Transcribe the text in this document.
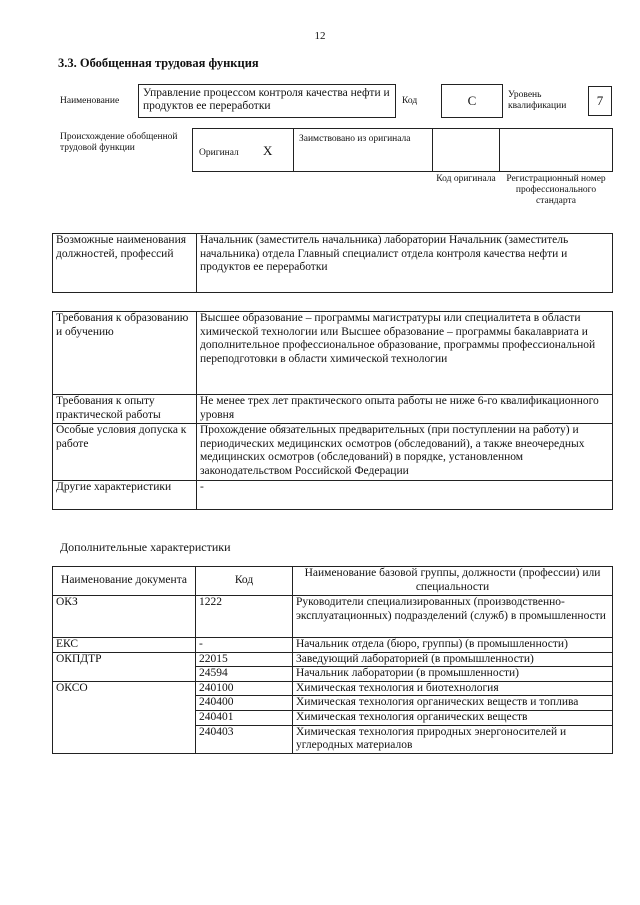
12
3.3. Обобщенная трудовая функция
Наименование
Управление процессом контроля качества нефти и продуктов ее переработки	Код	С	Уровень квалификации	7
Происхождение обобщенной трудовой функции	Оригинал X
Заимствовано из оригинала
Код оригинала	Регистрационный номер профессионального стандарта
Возможные наименования должностей, профессий	Начальник (заместитель начальника) лаборатории Начальник (заместитель начальника) отдела Главный специалист отдела контроля качества нефти и продуктов ее переработки
Требования к образованию и обучению	Высшее образование – программы магистратуры или специалитета в области химической технологии или Высшее образование – программы бакалавриата и дополнительное профессиональное образование, программы профессиональной переподготовки в области химической технологии
Требования к опыту практической работы	Не менее трех лет практического опыта работы не ниже 6-го квалификационного уровня
Особые условия допуска к работе	Прохождение обязательных предварительных (при поступлении на работу) и периодических медицинских осмотров (обследований), а также внеочередных медицинских осмотров (обследований) в порядке, установленном законодательством Российской Федерации
Другие характеристики	-
Дополнительные характеристики
Наименование документа	Код	Наименование базовой группы, должности (профессии) или специальности
ОКЗ	1222	Руководители специализированных (производственно-эксплуатационных) подразделений (служб) в промышленности
ЕКС	-	Начальник отдела (бюро, группы) (в промышленности)
ОКПДТР	22015	Заведующий лабораторией (в промышленности)
	24594	Начальник лаборатории (в промышленности)
ОКСО	240100	Химическая технология и биотехнология
	240400	Химическая технология органических веществ и топлива
	240401	Химическая технология органических веществ
	240403	Химическая технология природных энергоносителей и углеродных материалов
